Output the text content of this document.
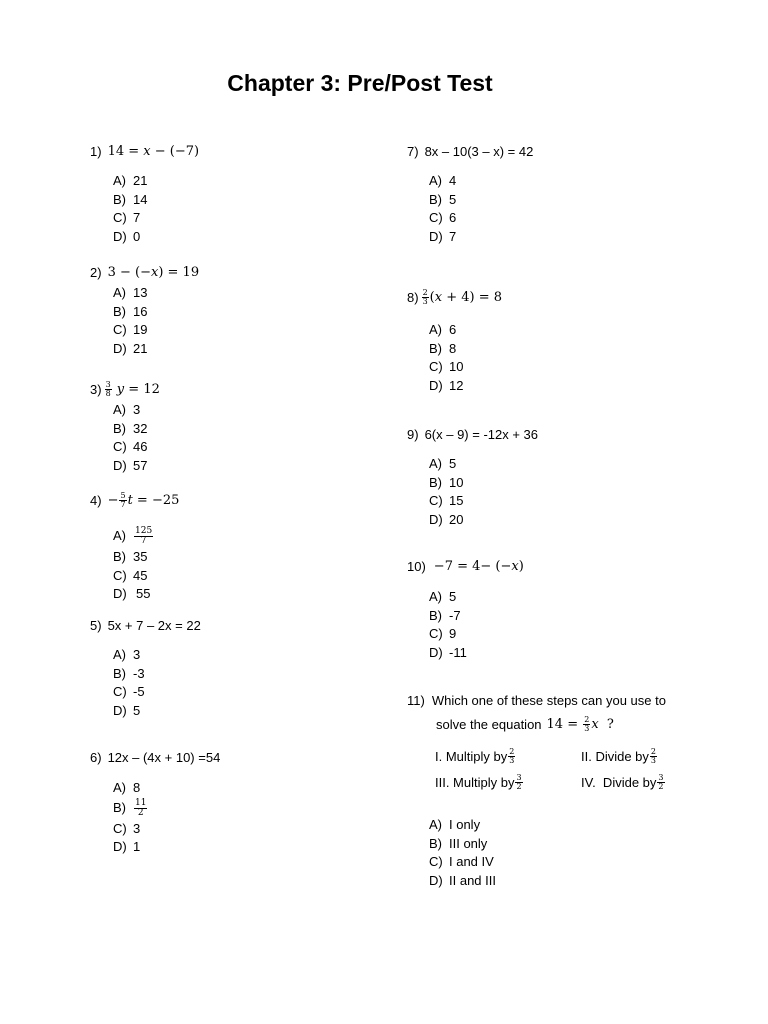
Chapter 3: Pre/Post Test
1) 14 = x − (−7)
A) 21
B) 14
C) 7
D) 0
2) 3 − (−x) = 19
A) 13
B) 16
C) 19
D) 21
$3) \frac{3}{8}$ y = 12
A) 3
B) 32
C) 46
D) 57
$4) - \frac{5}{7}$ t = −25
$A) \frac{125}{7}$
B) 35
C) 45
D) 55
5) 5x + 7 – 2x = 22
A) 3
B) -3
C) -5
D) 5
6) 12x – (4x + 10) =54
A) 8
$B) \frac{11}{2}$
C) 3
D) 1
7) 8x – 10(3 – x) = 42
A) 4
B) 5
C) 6
D) 7
$8) \frac{2}{3} (x + 4) = 8$
A) 6
B) 8
C) 10
D) 12
9) 6(x – 9) = -12x + 36
A) 5
B) 10
C) 15
D) 20
10) −7 = 4− (−x)
A) 5
B) -7
C) 9
D) -11
11) Which one of these steps can you use to
solve the equation $14 = \frac{2}{3}$ x  ?
I. Multiply by $\frac{2}{3}$	II. Divide by $\frac{2}{3}$
III. Multiply by $\frac{3}{2}$	IV.  Divide by $\frac{3}{2}$
A) I only
B) III only
C) I and IV
D) II and III
